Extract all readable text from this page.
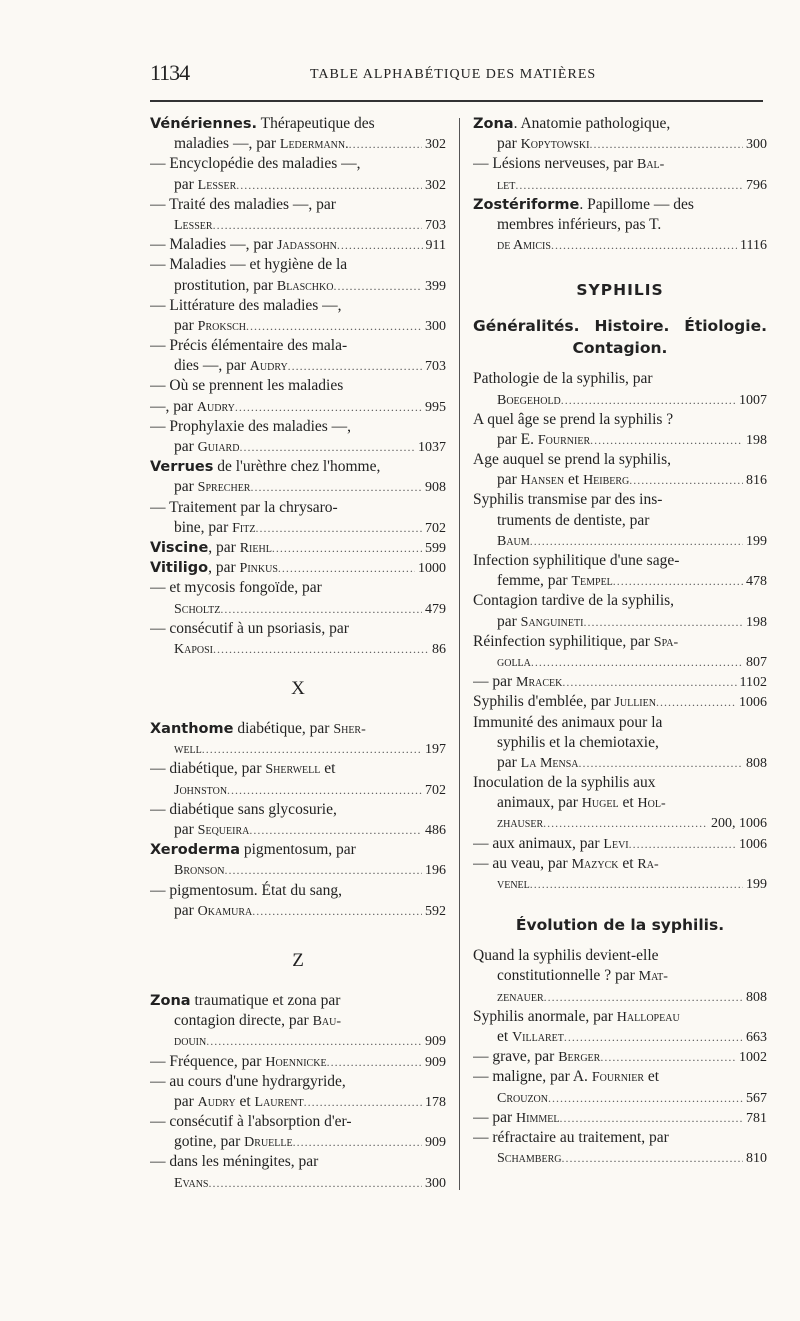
1134	TABLE ALPHABÉTIQUE DES MATIÈRES
Vénériennes. Thérapeutique des
maladies —, par Ledermann. .....	302
— Encyclopédie des maladies —,
par Lesser .....	302
— Traité des maladies —, par
Lesser .....	703
— Maladies —, par Jadassohn .....	911
— Maladies — et hygiène de la
prostitution, par Blaschko .....	399
— Littérature des maladies —,
par Proksch .....	300
— Précis élémentaire des mala-
dies —, par Audry .....	703
— Où se prennent les maladies
—, par Audry .....	995
— Prophylaxie des maladies —,
par Guiard .....	1037
Verrues de l'urèthre chez l'homme,
par Sprecher .....	908
— Traitement par la chrysaro-
bine, par Fitz .....	702
Viscine, par Riehl .....	599
Vitiligo, par Pinkus .....	1000
— et mycosis fongoïde, par
Scholtz .....	479
— consécutif à un psoriasis, par
Kaposi .....	86
X
Xanthome diabétique, par Sher-
well .....	197
— diabétique, par Sherwell et
Johnston .....	702
— diabétique sans glycosurie,
par Sequeira .....	486
Xeroderma pigmentosum, par
Bronson .....	196
— pigmentosum. État du sang,
par Okamura .....	592
Z
Zona traumatique et zona par
contagion directe, par Bau-
douin .....	909
— Fréquence, par Hoennicke .....	909
— au cours d'une hydrargyride,
par Audry et Laurent .....	178
— consécutif à l'absorption d'er-
gotine, par Druelle .....	909
— dans les méningites, par
Evans .....	300
Zona. Anatomie pathologique,
par Kopytowski .....	300
— Lésions nerveuses, par Bal-
let .....	796
Zostériforme. Papillome — des
membres inférieurs, pas T.
de Amicis .....	1116
SYPHILIS
Généralités. Histoire. Étiologie.
Contagion.
Pathologie de la syphilis, par
Boegehold .....	1007
A quel âge se prend la syphilis ?
par E. Fournier .....	198
Age auquel se prend la syphilis,
par Hansen et Heiberg .....	816
Syphilis transmise par des ins-
truments de dentiste, par
Baum .....	199
Infection syphilitique d'une sage-
femme, par Tempel .....	478
Contagion tardive de la syphilis,
par Sanguineti .....	198
Réinfection syphilitique, par Spa-
golla .....	807
— par Mracek .....	1102
Syphilis d'emblée, par Jullien .....	1006
Immunité des animaux pour la
syphilis et la chemiotaxie,
par La Mensa .....	808
Inoculation de la syphilis aux
animaux, par Hugel et Hol-
zhauser .....	200, 1006
— aux animaux, par Levi .....	1006
— au veau, par Mazyck et Ra-
venel .....	199
Évolution de la syphilis.
Quand la syphilis devient-elle
constitutionnelle ? par Mat-
zenauer .....	808
Syphilis anormale, par Hallopeau
et Villaret .....	663
— grave, par Berger .....	1002
— maligne, par A. Fournier et
Crouzon .....	567
— par Himmel .....	781
— réfractaire au traitement, par
Schamberg .....	810
